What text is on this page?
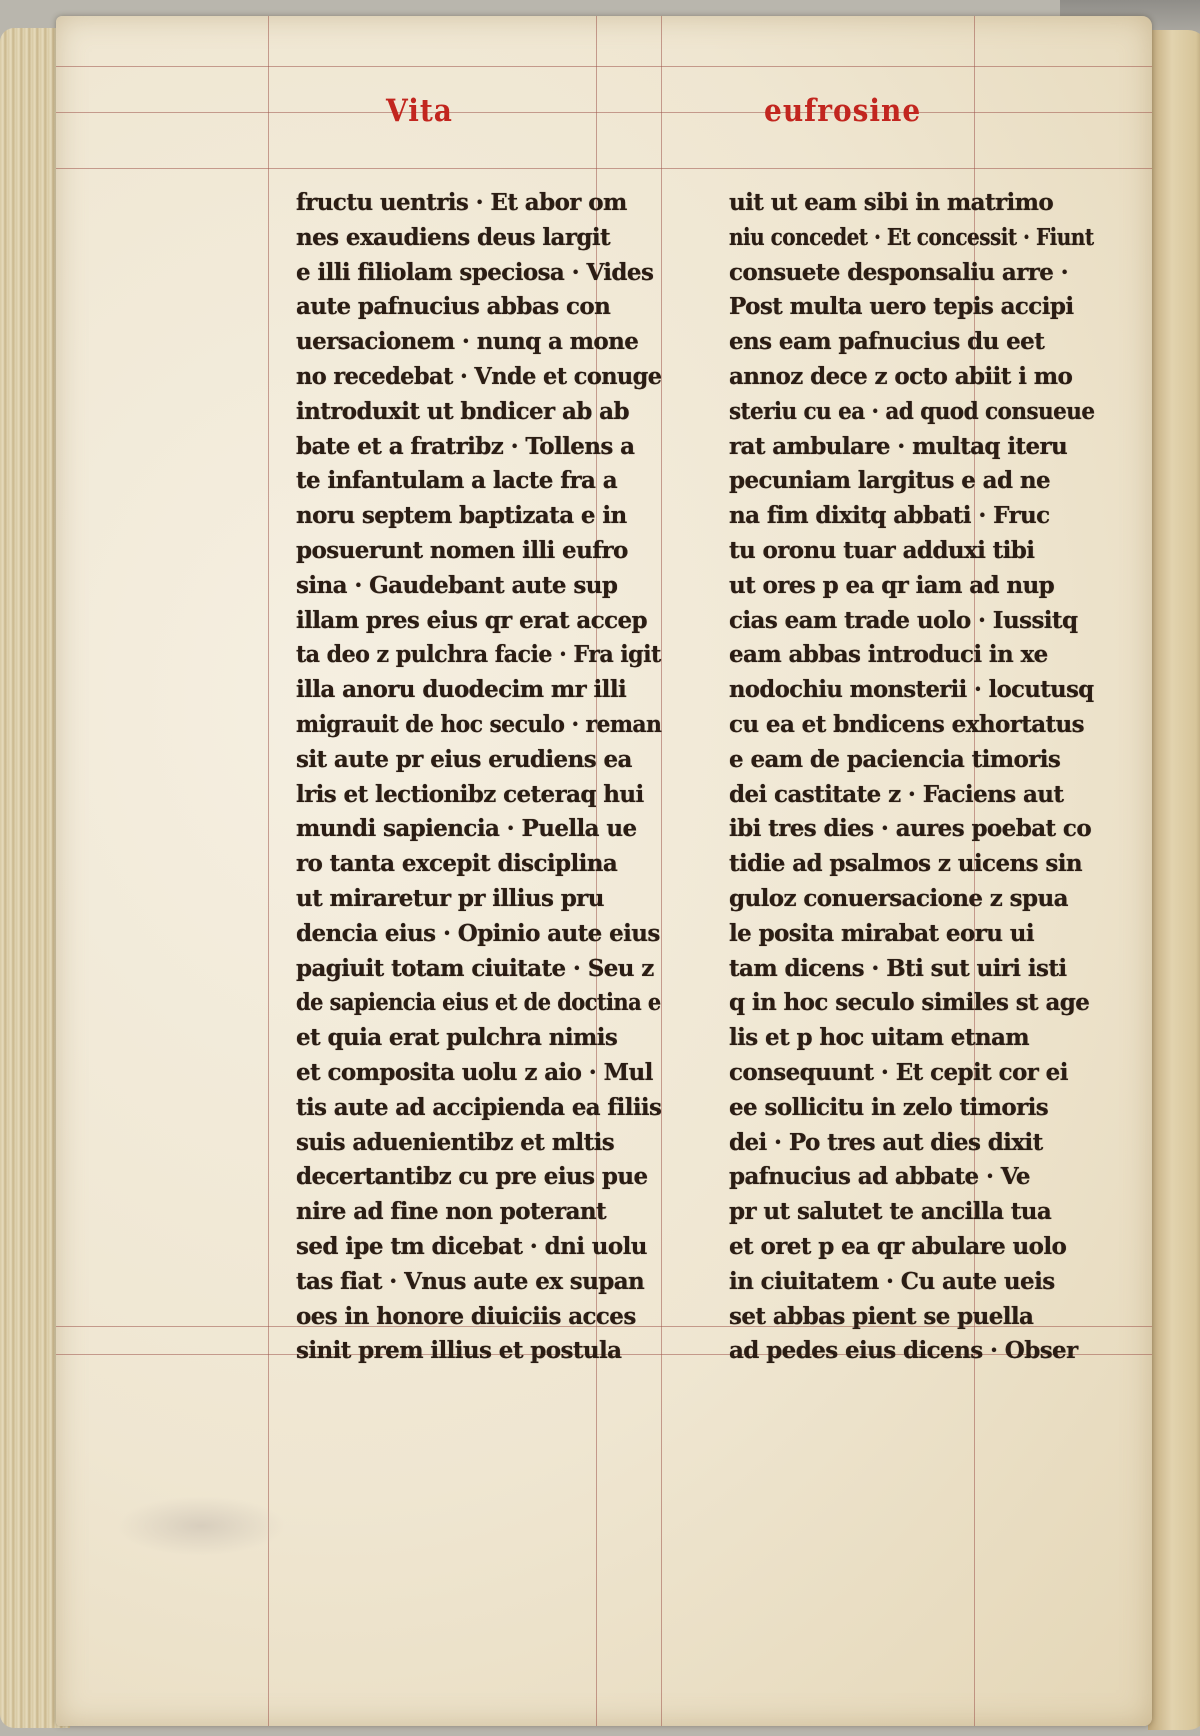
Vita	eufrosine
fructu uentris · Et abor om
nes exaudiens deus largit
e illi filiolam speciosa · Vides
aute pafnucius abbas con
uersacionem · nunq a mone
no recedebat · Vnde et conuge
introduxit ut bndicer ab ab
bate et a fratribz · Tollens a
te infantulam a lacte fra a
noru septem baptizata e in
posuerunt nomen illi eufro
sina · Gaudebant aute sup
illam pres eius qr erat accep
ta deo z pulchra facie · Fra igit
illa anoru duodecim mr illi
migrauit de hoc seculo · reman
sit aute pr eius erudiens ea
lris et lectionibz ceteraq hui
mundi sapiencia · Puella ue
ro tanta excepit disciplina
ut miraretur pr illius pru
dencia eius · Opinio aute eius
pagiuit totam ciuitate · Seu z
de sapiencia eius et de doctina e
et quia erat pulchra nimis
et composita uolu z aio · Mul
tis aute ad accipienda ea filiis
suis aduenientibz et mltis
decertantibz cu pre eius pue
nire ad fine non poterant
sed ipe tm dicebat · dni uolu
tas fiat · Vnus aute ex supan
oes in honore diuiciis acces
sinit prem illius et postula
uit ut eam sibi in matrimo
niu concedet · Et concessit · Fiunt
consuete desponsaliu arre ·
Post multa uero tepis accipi
ens eam pafnucius du eet
annoz dece z octo abiit i mo
steriu cu ea · ad quod consueue
rat ambulare · multaq iteru
pecuniam largitus e ad ne
na fim dixitq abbati · Fruc
tu oronu tuar adduxi tibi
ut ores p ea qr iam ad nup
cias eam trade uolo · Iussitq
eam abbas introduci in xe
nodochiu monsterii · locutusq
cu ea et bndicens exhortatus
e eam de paciencia timoris
dei castitate z · Faciens aut
ibi tres dies · aures poebat co
tidie ad psalmos z uicens sin
guloz conuersacione z spua
le posita mirabat eoru ui
tam dicens · Bti sut uiri isti
q in hoc seculo similes st age
lis et p hoc uitam etnam
consequunt · Et cepit cor ei
ee sollicitu in zelo timoris
dei · Po tres aut dies dixit
pafnucius ad abbate · Ve
pr ut salutet te ancilla tua
et oret p ea qr abulare uolo
in ciuitatem · Cu aute ueis
set abbas pient se puella
ad pedes eius dicens · Obser
